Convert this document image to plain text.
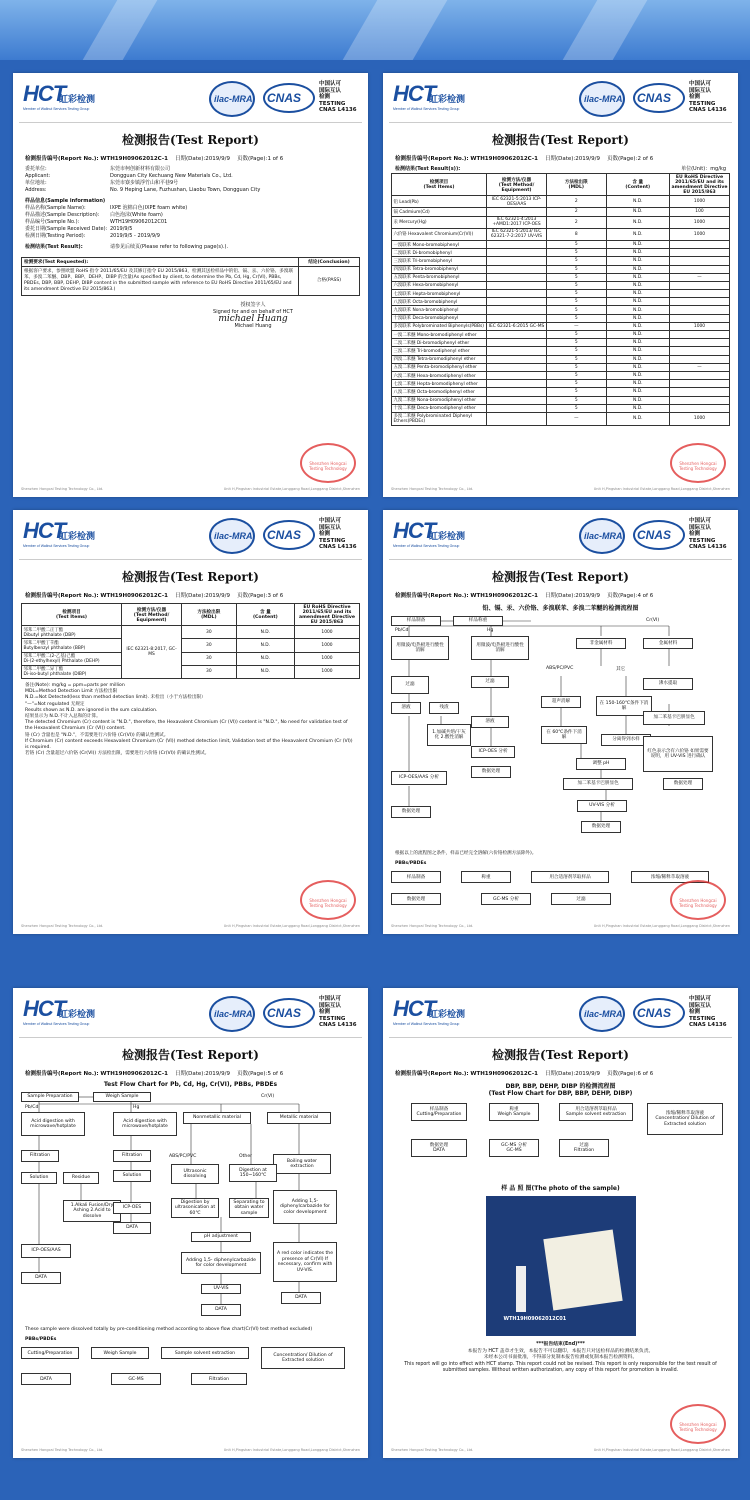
HCT
虹彩检测
Member of Wallnut Services Testing Group
ilac-MRA CNAS
中国认可
国际互认
检测
TESTING
CNAS L4136
检测报告(Test Report)
检测报告编号(Report No.): WTH19H09062012C-1 日期(Date):2019/9/9 页数(Page):1 of 6
委托单位:	东莞市柯创新材料有限公司
Applicant:	Dongguan City Kechuang New Materials Co., Ltd.
单位地址:	东莞市寮步镇浮竹山和平巷9号
Address:	No. 9 Heping Lane, Fuzhushan, Liaobu Town, Dongguan City
样品信息(Sample information)
样品名称(Sample Name):	IXPE 泡棉白色(IXPE foam white)
样品描述(Sample Description):	白色泡沫(White foam)
样品编号(Sample No.):	WTH19H09062012C01
委托日期(Sample Received Date): 2019/9/5
检测日期(Testing Period):	2019/9/5 - 2019/9/9
检测结果(Test Result):	请参见后续页(Please refer to following page(s).).
检测要求(Test Requested):
根据客户要求，参照欧盟 RoHS 指令 2011/65/EU 及其修订指令 EU 2015/863，检测其送检样品中的铅、镉、汞、六价铬、多溴联苯、多溴二苯醚、DBP、BBP、DEHP、DIBP 的含量(As specified by client, to determine the Pb, Cd, Hg, Cr(VI), PBBs, PBDEs, DBP, BBP, DEHP, DIBP content in the submitted sample with reference to EU RoHS Directive 2011/65/EU and its amendment Directive EU 2015/863.)
结论(Conclusion)
合格(PASS)
授权签字人
Signed for and on behalf of HCT
michael Huang
Michael Huang
Shenzhen Hongcai Testing Technology
Shenzhen Hongcai Testing Technology Co., Ltd.	Unit H,Pingshan Industrial Estate,Longgang Road,Longgang District,Shenzhen
HCT
虹彩检测
Member of Wallnut Services Testing Group
ilac-MRA CNAS
中国认可
国际互认
检测
TESTING
CNAS L4136
检测报告(Test Report)
检测报告编号(Report No.): WTH19H09062012C-1 日期(Date):2019/9/9 页数(Page):2 of 6
检测结果(Test Result(s)):	单位(Unit)：mg/kg
检测项目
(Test Items)	检测方法/仪器
(Test Method/
Equipment)	方法检出限
(MDL)	含 量
(Content)	EU RoHS Directive 2011/65/EU and its amendment Directive EU 2015/863
铅 Lead(Pb)	IEC 62321-5:2013 ICP-OES/AAS	2	N.D.	1000
镉 Cadmium(Cd)		2	N.D.	100
汞 Mercury(Hg)	IEC 62321-4:2013 +AMD1:2017 ICP-OES	2	N.D.	1000
六价铬 Hexavalent Chromium(Cr(VI))	IEC 62321-5:2013/ IEC 62321-7-2:2017 UV-VIS	8	N.D.	1000
一溴联苯 Mono-bromobiphenyl		5	N.D.	
二溴联苯 Di-bromobiphenyl		5	N.D.	
三溴联苯 Tri-bromobiphenyl		5	N.D.	
四溴联苯 Tetra-bromobiphenyl		5	N.D.	
五溴联苯 Penta-bromobiphenyl		5	N.D.	—
六溴联苯 Hexa-bromobiphenyl		5	N.D.	
七溴联苯 Hepta-bromobiphenyl		5	N.D.	
八溴联苯 Octa-bromobiphenyl		5	N.D.	
九溴联苯 Nona-bromobiphenyl		5	N.D.	
十溴联苯 Deca-bromobiphenyl		5	N.D.	
多溴联苯 Polybrominated Biphenyls(PBBs)	IEC 62321-6:2015 GC-MS	—	N.D.	1000
一溴二苯醚 Mono-bromodiphenyl ether		5	N.D.	
二溴二苯醚 Di-bromodiphenyl ether		5	N.D.	
三溴二苯醚 Tri-bromodiphenyl ether		5	N.D.	
四溴二苯醚 Tetra-bromodiphenyl ether		5	N.D.	
五溴二苯醚 Penta-bromodiphenyl ether		5	N.D.	—
六溴二苯醚 Hexa-bromodiphenyl ether		5	N.D.	
七溴二苯醚 Hepta-bromodiphenyl ether		5	N.D.	
八溴二苯醚 Octa-bromodiphenyl ether		5	N.D.	
九溴二苯醚 Nona-bromodiphenyl ether		5	N.D.	
十溴二苯醚 Deca-bromodiphenyl ether		5	N.D.	
多溴二苯醚 Polybrominated Diphenyl Ethers(PBDEs)		—	N.D.	1000
Shenzhen Hongcai Testing Technology
Shenzhen Hongcai Testing Technology Co., Ltd.	Unit H,Pingshan Industrial Estate,Longgang Road,Longgang District,Shenzhen
HCT
虹彩检测
Member of Wallnut Services Testing Group
ilac-MRA CNAS
中国认可
国际互认
检测
TESTING
CNAS L4136
检测报告(Test Report)
检测报告编号(Report No.): WTH19H09062012C-1 日期(Date):2019/9/9 页数(Page):3 of 6
检测项目
(Test Items)	检测方法/仪器
(Test Method/
Equipment)	方法检出限
(MDL)	含 量
(Content)	EU RoHS Directive 2011/65/EU and its amendment Directive EU 2015/863
邻苯二甲酸二正丁酯
Dibutyl phthalate (DBP)	IEC 62321-8:2017, GC-MS	30	N.D.	1000
邻苯二甲酸丁苄酯
Butylbenzyl phthalate (BBP)		30	N.D.	1000
邻苯二甲酸二(2-乙基)己酯
Di-(2-ethylhexyl) Phthalate (DEHP)		30	N.D.	1000
邻苯二甲酸二异丁酯
Di-iso-butyl phthalate (DIBP)		30	N.D.	1000
备注(Note): mg/kg = ppm=parts per million
MDL=Method Detection Limit 方法检出限
N.D.=Not Detected(less than method detection limit). 未检出（小于方法检出限）
"—"=Not regulated 无规定
Results shown as N.D. are ignored in the sum calculation.
结果显示为 N.D.不计入总和的计算。
The detected Chromium (Cr) content is "N.D.", therefore, the Hexavalent Chromium (Cr (VI)) content is "N.D.", No need for validation test of the Hexavalent Chromium (Cr (VI)) content.
铬 (Cr) 含量也是 "N.D."，不需要进行六价铬 (Cr(VI)) 的确认性测试。
If Chromium (Cr) content exceeds Hexavalent Chromium (Cr (VI)) method detection limit, Validation test of the Hexavalent Chromium (Cr (VI)) is required.
若铬 (Cr) 含量超过六价铬 (Cr(VI)) 方法检出限，需要进行六价铬 (Cr(VI)) 的确认性测试。
Shenzhen Hongcai Testing Technology
Shenzhen Hongcai Testing Technology Co., Ltd.	Unit H,Pingshan Industrial Estate,Longgang Road,Longgang District,Shenzhen
HCT
虹彩检测
Member of Wallnut Services Testing Group
ilac-MRA CNAS
中国认可
国际互认
检测
TESTING
CNAS L4136
检测报告(Test Report)
检测报告编号(Report No.): WTH19H09062012C-1 日期(Date):2019/9/9 页数(Page):4 of 6
铅、镉、汞、六价铬、多溴联苯、多溴二苯醚的检测流程图
样品制备	样品称重
Pb/Cd	Hg
Cr(VI)
用微波/电热板进行酸性消解
用微波/电热板进行酸性消解
非金属材料	金属材料
过滤
过滤
ABS/PC/PVC	其它
沸水提取
超声消解	在 150-160℃条件下消解
溶液	残渣
溶液
加二苯基卡巴肼显色
在 60℃条件下消解	分离得到水样
1.加碱共熔/干灰化 2.酸性消解
ICP-OES 分析	红色表示含有六价铬 如果需要说明，用 UV-VIS 进行确认
调整 pH
数据处理
加二苯基卡巴肼显色
ICP-OES/AAS 分析
数据处理
UV-VIS 分析
数据处理
数据处理
根据以上的流程图之条件，样品已经完全溶解(六价铬检测方法除外)。
PBBs/PBDEs
样品制备	称重	用合适溶剂萃取样品	浓缩/稀释萃取溶液
过滤
GC-MS 分析
数据处理	Shenzhen Hongcai Testing Technology
Shenzhen Hongcai Testing Technology Co., Ltd.	Unit H,Pingshan Industrial Estate,Longgang Road,Longgang District,Shenzhen
HCT
虹彩检测
Member of Wallnut Services Testing Group
ilac-MRA CNAS
中国认可
国际互认
检测
TESTING
CNAS L4136
检测报告(Test Report)
检测报告编号(Report No.): WTH19H09062012C-1 日期(Date):2019/9/9 页数(Page):5 of 6
Test Flow Chart for Pb, Cd, Hg, Cr(VI), PBBs, PBDEs
Sample Preparation	Weigh Sample
Pb/Cd	Hg
Cr(VI)
Acid digestion with microwave/hotplate
Acid digestion with microwave/hotplate
Nonmetallic material	Metallic material
Filtration	Filtration	ABS/PC/PVC	Other
Boiling water extraction
Solution	Residue	Solution
Ultrasonic dissolving
Digestion at 150~160℃
Adding 1,5-diphenylcarbazide for color development
Digestion by ultrasonication at 60℃
Separating to obtain water sample
1.Alkali Fusion/Dry Ashing 2.Acid to dissolve
ICP-OES
DATA
pH adjustment
A red color indicates the presence of Cr(VI) If necessary, confirm with UV-VIS.
ICP-OES/AAS
Adding 1,5- diphenylcarbazide for color development
DATA
UV-VIS
DATA
DATA
These sample were dissolved totally by pre-conditioning method according to above flow chart(Cr(VI) test method excluded)
PBBs/PBDEs
Cutting/Preparation	Weigh Sample	Sample solvent extraction	Concentration/ Dilution of Extracted solution
Filtration
GC-MS
DATA
Shenzhen Hongcai Testing Technology Co., Ltd.	Unit H,Pingshan Industrial Estate,Longgang Road,Longgang District,Shenzhen
HCT
虹彩检测
Member of Wallnut Services Testing Group
ilac-MRA CNAS
中国认可
国际互认
检测
TESTING
CNAS L4136
检测报告(Test Report)
检测报告编号(Report No.): WTH19H09062012C-1 日期(Date):2019/9/9 页数(Page):6 of 6
DBP, BBP, DEHP, DIBP 的检测流程图
(Test Flow Chart for DBP, BBP, DEHP, DIBP)
样品制备
Cutting/Preparation
称重
Weigh Sample
用合适溶剂萃取样品
Sample solvent extraction	浓缩/稀释萃取溶液
Concentration/ Dilution of Extracted solution
过滤
Filtration
GC-MS 分析
GC-MS
数据处理
DATA
样 品 照 图(The photo of the sample)
WTH19H09062012C01
***报告结束(End)***
本报告为 HCT 盖章才生效，本报告不可以翻印，本报告只对送检样品的检测结果负责。
未经本公司书面批准，不得部分复制本报告检测或复制本报告检测资料。
This report will go into effect with HCT stamp. This report could not be revised. This report is only responsible for the test result of submitted samples. Without written authorization, any copy of this report for promotion is invalid.
Shenzhen Hongcai Testing Technology
Shenzhen Hongcai Testing Technology Co., Ltd.	Unit H,Pingshan Industrial Estate,Longgang Road,Longgang District,Shenzhen
